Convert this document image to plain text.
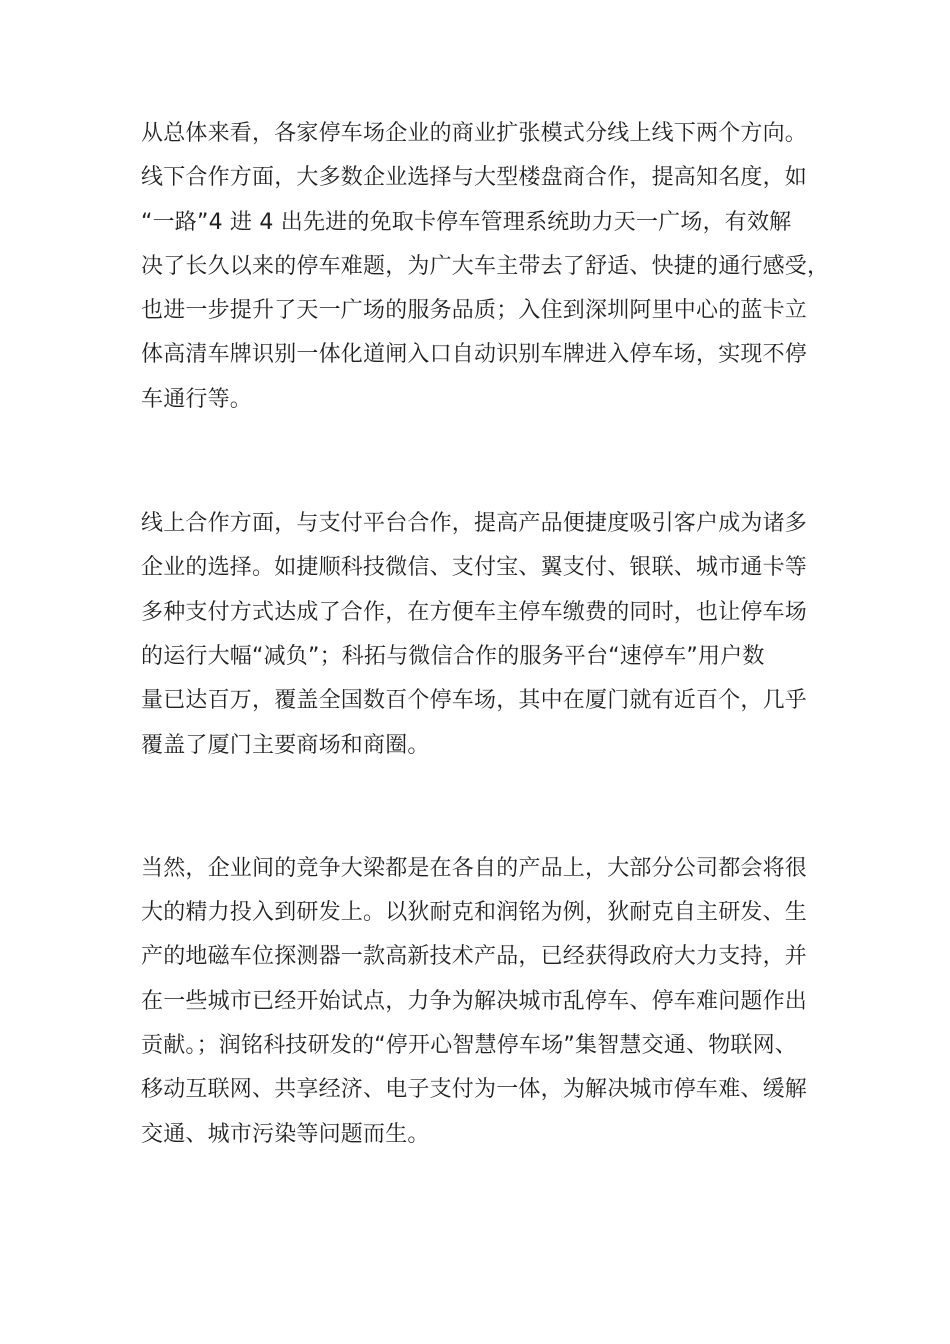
从总体来看，各家停车场企业的商业扩张模式分线上线下两个方向。
线下合作方面，大多数企业选择与大型楼盘商合作，提高知名度，如
“一路”4 进 4 出先进的免取卡停车管理系统助力天一广场，有效解
决了长久以来的停车难题，为广大车主带去了舒适、快捷的通行感受，
也进一步提升了天一广场的服务品质；入住到深圳阿里中心的蓝卡立
体高清车牌识别一体化道闸入口自动识别车牌进入停车场，实现不停
车通行等。
线上合作方面，与支付平台合作，提高产品便捷度吸引客户成为诸多
企业的选择。如捷顺科技微信、支付宝、翼支付、银联、城市通卡等
多种支付方式达成了合作，在方便车主停车缴费的同时，也让停车场
的运行大幅“减负”；科拓与微信合作的服务平台“速停车”用户数
量已达百万，覆盖全国数百个停车场，其中在厦门就有近百个，几乎
覆盖了厦门主要商场和商圈。
当然，企业间的竞争大梁都是在各自的产品上，大部分公司都会将很
大的精力投入到研发上。以狄耐克和润铭为例，狄耐克自主研发、生
产的地磁车位探测器一款高新技术产品，已经获得政府大力支持，并
在一些城市已经开始试点，力争为解决城市乱停车、停车难问题作出
贡献。；润铭科技研发的“停开心智慧停车场”集智慧交通、物联网、
移动互联网、共享经济、电子支付为一体，为解决城市停车难、缓解
交通、城市污染等问题而生。
